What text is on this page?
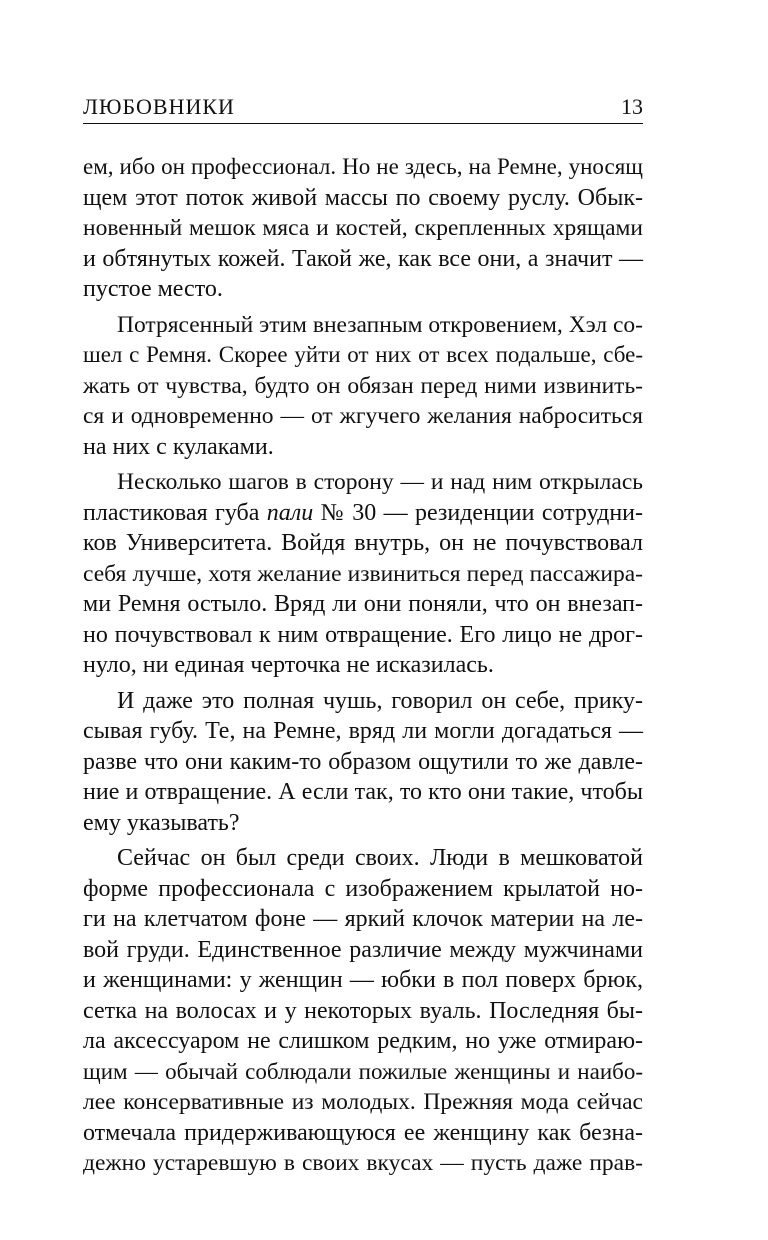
ЛЮБОВНИКИ	13
ем, ибо он профессионал. Но не здесь, на Ремне, уносящ
щем этот поток живой массы по своему руслу. Обык-
новенный мешок мяса и костей, скрепленных хрящами
и обтянутых кожей. Такой же, как все они, а значит —
пустое место.
Потрясенный этим внезапным откровением, Хэл со-
шел с Ремня. Скорее уйти от них от всех подальше, сбе-
жать от чувства, будто он обязан перед ними извинить-
ся и одновременно — от жгучего желания наброситься
на них с кулаками.
Несколько шагов в сторону — и над ним открылась
пластиковая губа пали № 30 — резиденции сотрудни-
ков Университета. Войдя внутрь, он не почувствовал
себя лучше, хотя желание извиниться перед пассажира-
ми Ремня остыло. Вряд ли они поняли, что он внезап-
но почувствовал к ним отвращение. Его лицо не дрог-
нуло, ни единая черточка не исказилась.
И даже это полная чушь, говорил он себе, прику-
сывая губу. Те, на Ремне, вряд ли могли догадаться —
разве что они каким-то образом ощутили то же давле-
ние и отвращение. А если так, то кто они такие, чтобы
ему указывать?
Сейчас он был среди своих. Люди в мешковатой
форме профессионала с изображением крылатой но-
ги на клетчатом фоне — яркий клочок материи на ле-
вой груди. Единственное различие между мужчинами
и женщинами: у женщин — юбки в пол поверх брюк,
сетка на волосах и у некоторых вуаль. Последняя бы-
ла аксессуаром не слишком редким, но уже отмираю-
щим — обычай соблюдали пожилые женщины и наибо-
лее консервативные из молодых. Прежняя мода сейчас
отмечала придерживающуюся ее женщину как безна-
дежно устаревшую в своих вкусах — пусть даже прав-
